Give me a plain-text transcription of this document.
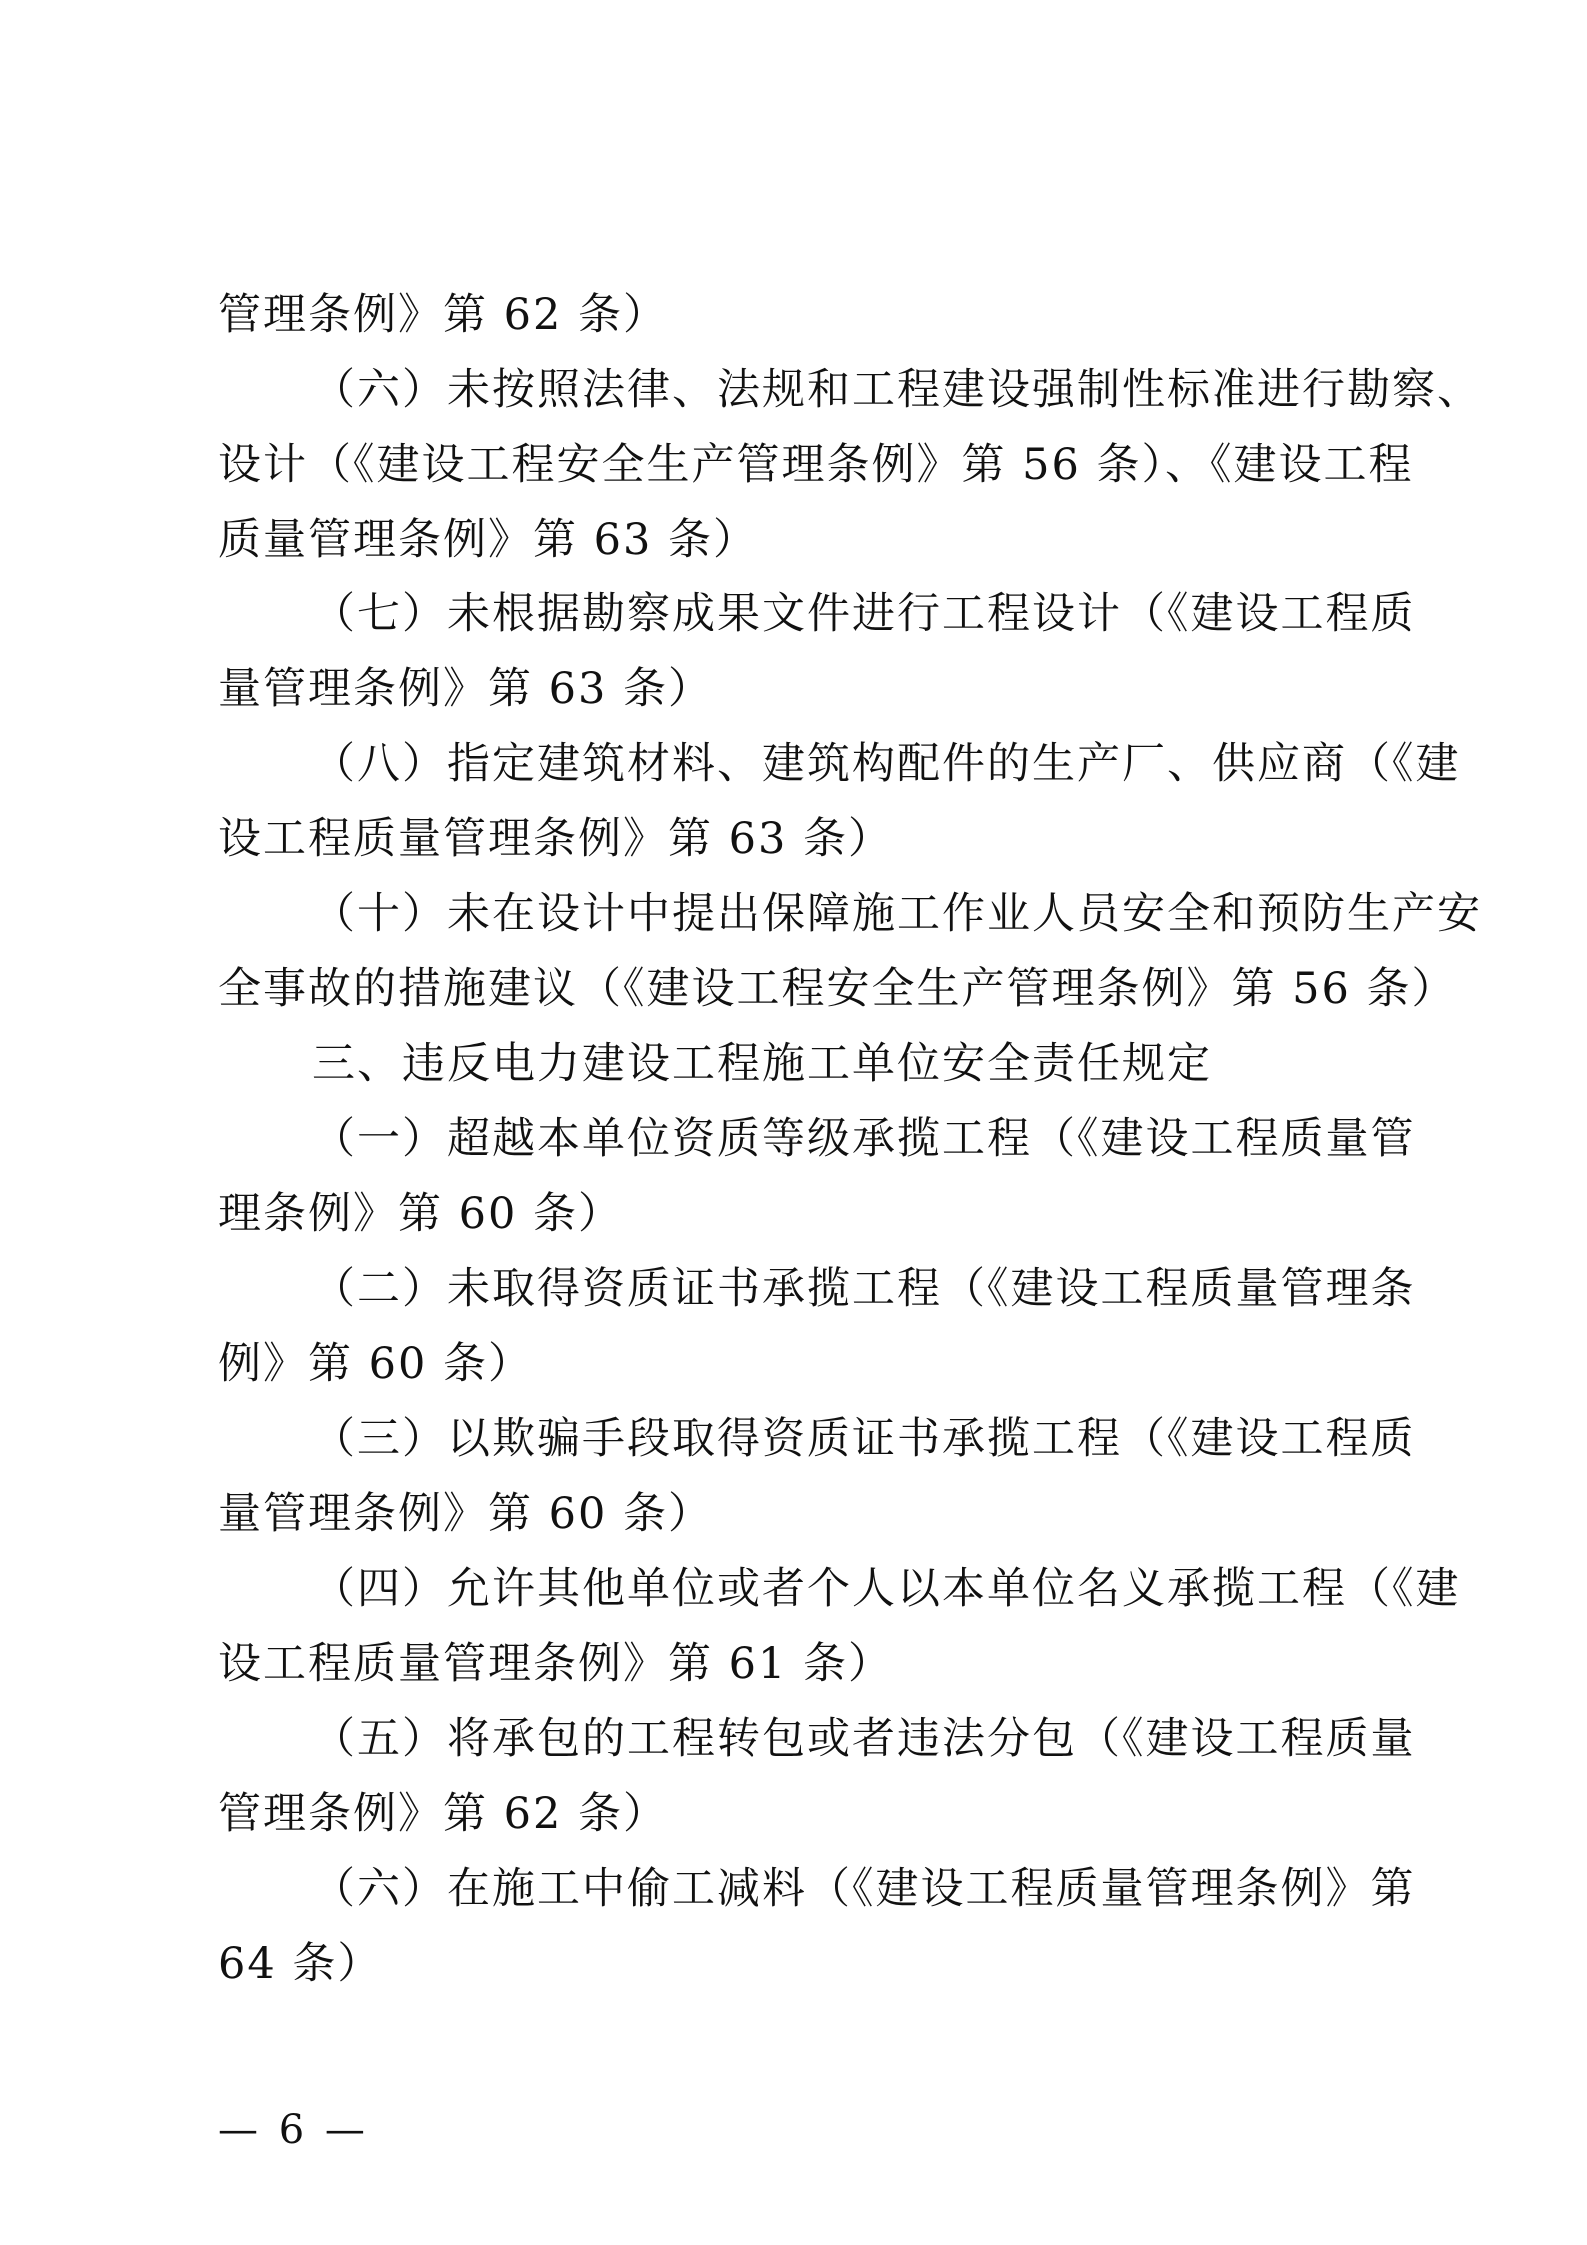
管理条例》第 62 条）
（六）未按照法律、法规和工程建设强制性标准进行勘察、
设计（《建设工程安全生产管理条例》第 56 条）、《建设工程
质量管理条例》第 63 条）
（七）未根据勘察成果文件进行工程设计（《建设工程质
量管理条例》第 63 条）
（八）指定建筑材料、建筑构配件的生产厂、供应商（《建
设工程质量管理条例》第 63 条）
（十）未在设计中提出保障施工作业人员安全和预防生产安
全事故的措施建议（《建设工程安全生产管理条例》第 56 条）
三、违反电力建设工程施工单位安全责任规定
（一）超越本单位资质等级承揽工程（《建设工程质量管
理条例》第 60 条）
（二）未取得资质证书承揽工程（《建设工程质量管理条
例》第 60 条）
（三）以欺骗手段取得资质证书承揽工程（《建设工程质
量管理条例》第 60 条）
（四）允许其他单位或者个人以本单位名义承揽工程（《建
设工程质量管理条例》第 61 条）
（五）将承包的工程转包或者违法分包（《建设工程质量
管理条例》第 62 条）
（六）在施工中偷工减料（《建设工程质量管理条例》第
64 条）
— 6 —
